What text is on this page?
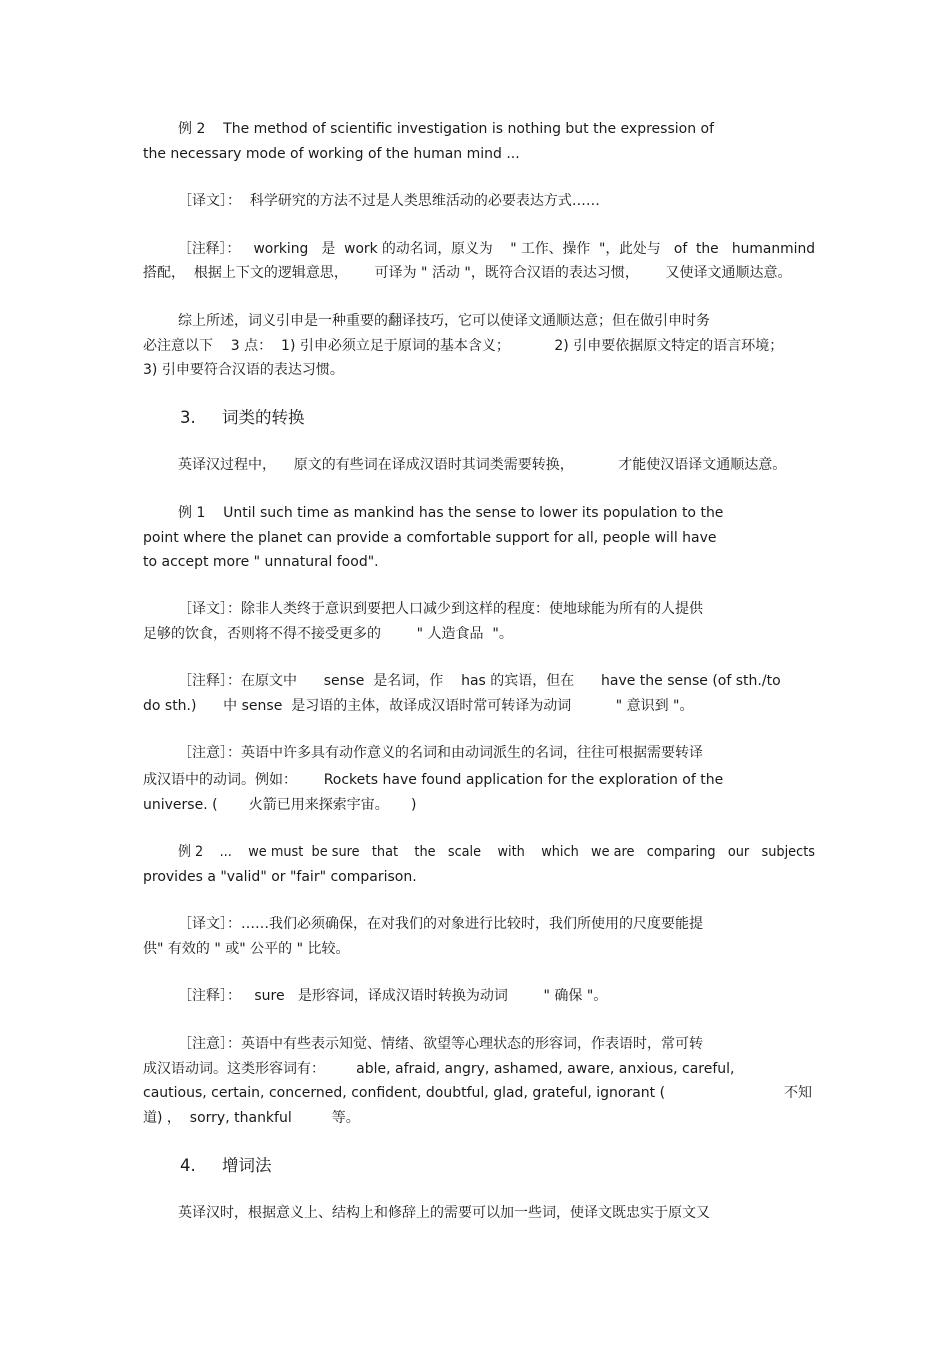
例 2    The method of scientific investigation is nothing but the expression of
the necessary mode of working of the human mind ...
［译文］：  科学研究的方法不过是人类思维活动的必要表达方式……
［注释］：   working   是  work 的动名词，原义为    " 工作、操作  "，此处与   of  the   humanmind
搭配，  根据上下文的逻辑意思，      可译为 " 活动 "，既符合汉语的表达习惯，      又使译文通顺达意。
综上所述，词义引申是一种重要的翻译技巧，它可以使译文通顺达意；但在做引申时务
必注意以下    3 点：  1) 引申必须立足于原词的基本含义；          2) 引申要依据原文特定的语言环境；
3) 引申要符合汉语的表达习惯。
3.     词类的转换
英译汉过程中，    原文的有些词在译成汉语时其词类需要转换，          才能使汉语译文通顺达意。
例 1    Until such time as mankind has the sense to lower its population to the
point where the planet can provide a comfortable support for all, people will have
to accept more " unnatural food".
［译文］：除非人类终于意识到要把人口减少到这样的程度：使地球能为所有的人提供
足够的饮食，否则将不得不接受更多的        " 人造食品  "。
［注释］：在原文中      sense  是名词，作    has 的宾语，但在      have the sense (of sth./to
do sth.)      中 sense  是习语的主体，故译成汉语时常可转译为动词          " 意识到 "。
［注意］：英语中许多具有动作意义的名词和由动词派生的名词，往往可根据需要转译
成汉语中的动词。例如：      Rockets have found application for the exploration of the
universe. (       火箭已用来探索宇宙。     )
例 2    ...    we must  be sure   that    the   scale    with    which   we are   comparing   our   subjects
provides a "valid" or "fair" comparison.
［译文］：……我们必须确保，在对我们的对象进行比较时，我们所使用的尺度要能提
供" 有效的 " 或" 公平的 " 比较。
［注释］：   sure   是形容词，译成汉语时转换为动词        " 确保 "。
［注意］：英语中有些表示知觉、情绪、欲望等心理状态的形容词，作表语时，常可转
成汉语动词。这类形容词有：       able, afraid, angry, ashamed, aware, anxious, careful,
cautious, certain, concerned, confident, doubtful, glad, grateful, ignorant (	不知
道) ，  sorry, thankful         等。
4.     增词法
英译汉时，根据意义上、结构上和修辞上的需要可以加一些词，使译文既忠实于原文又
